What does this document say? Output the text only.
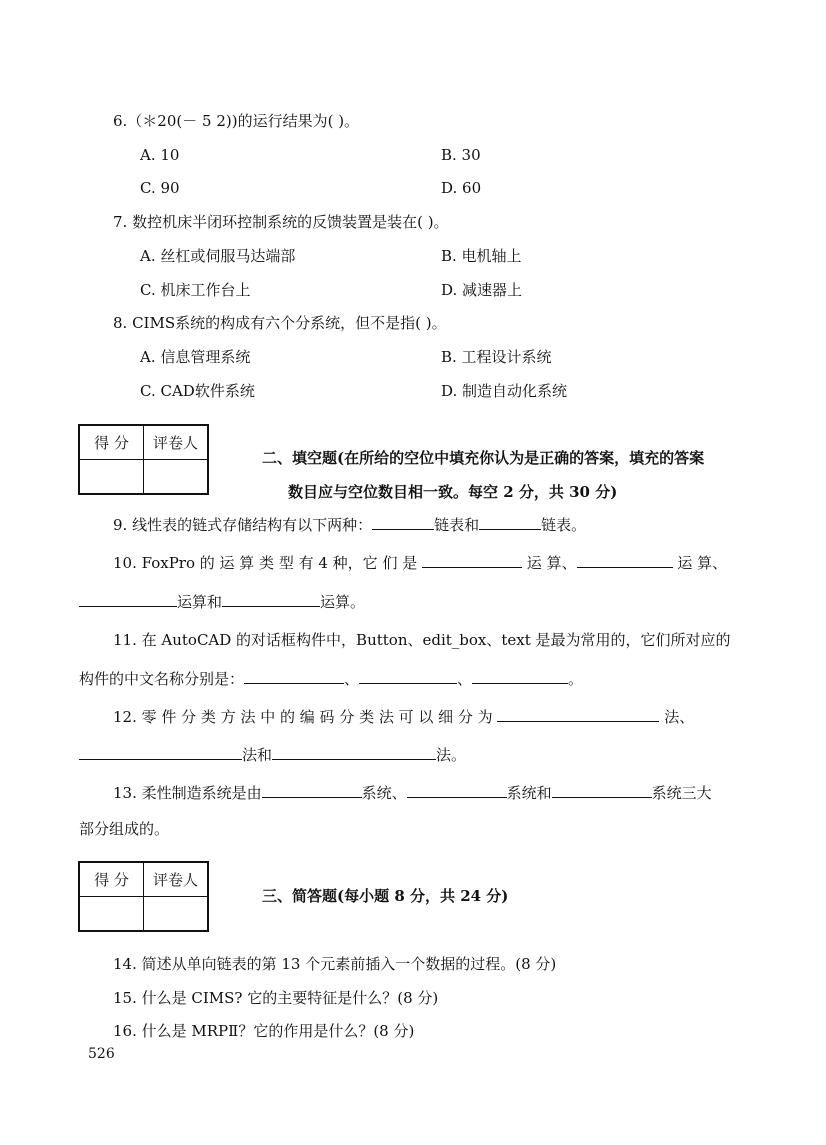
6.（＊20(－ 5 2))的运行结果为( )。
A. 10	B. 30
C. 90	D. 60
7. 数控机床半闭环控制系统的反馈装置是装在( )。
A. 丝杠或伺服马达端部	B. 电机轴上
C. 机床工作台上	D. 减速器上
8. CIMS系统的构成有六个分系统，但不是指( )。
A. 信息管理系统	B. 工程设计系统
C. CAD软件系统	D. 制造自动化系统
得 分	评卷人

二、填空题(在所给的空位中填充你认为是正确的答案，填充的答案
数目应与空位数目相一致。每空 2 分，共 30 分)
9. 线性表的链式存储结构有以下两种：	链表和	链表。
10. FoxPro 的 运 算 类 型 有 4 种，它 们 是	运 算、	运 算、
运算和	运算。
11. 在 AutoCAD 的对话框构件中，Button、edit_box、text 是最为常用的，它们所对应的
构件的中文名称分别是：	、	、	。
12. 零 件 分 类 方 法 中 的 编 码 分 类 法 可 以 细 分 为	法、
法和	法。
13. 柔性制造系统是由	系统、	系统和	系统三大
部分组成的。
得 分	评卷人

三、简答题(每小题 8 分，共 24 分)
14. 简述从单向链表的第 13 个元素前插入一个数据的过程。(8 分)
15. 什么是 CIMS? 它的主要特征是什么？(8 分)
16. 什么是 MRPⅡ？它的作用是什么？(8 分)
526
